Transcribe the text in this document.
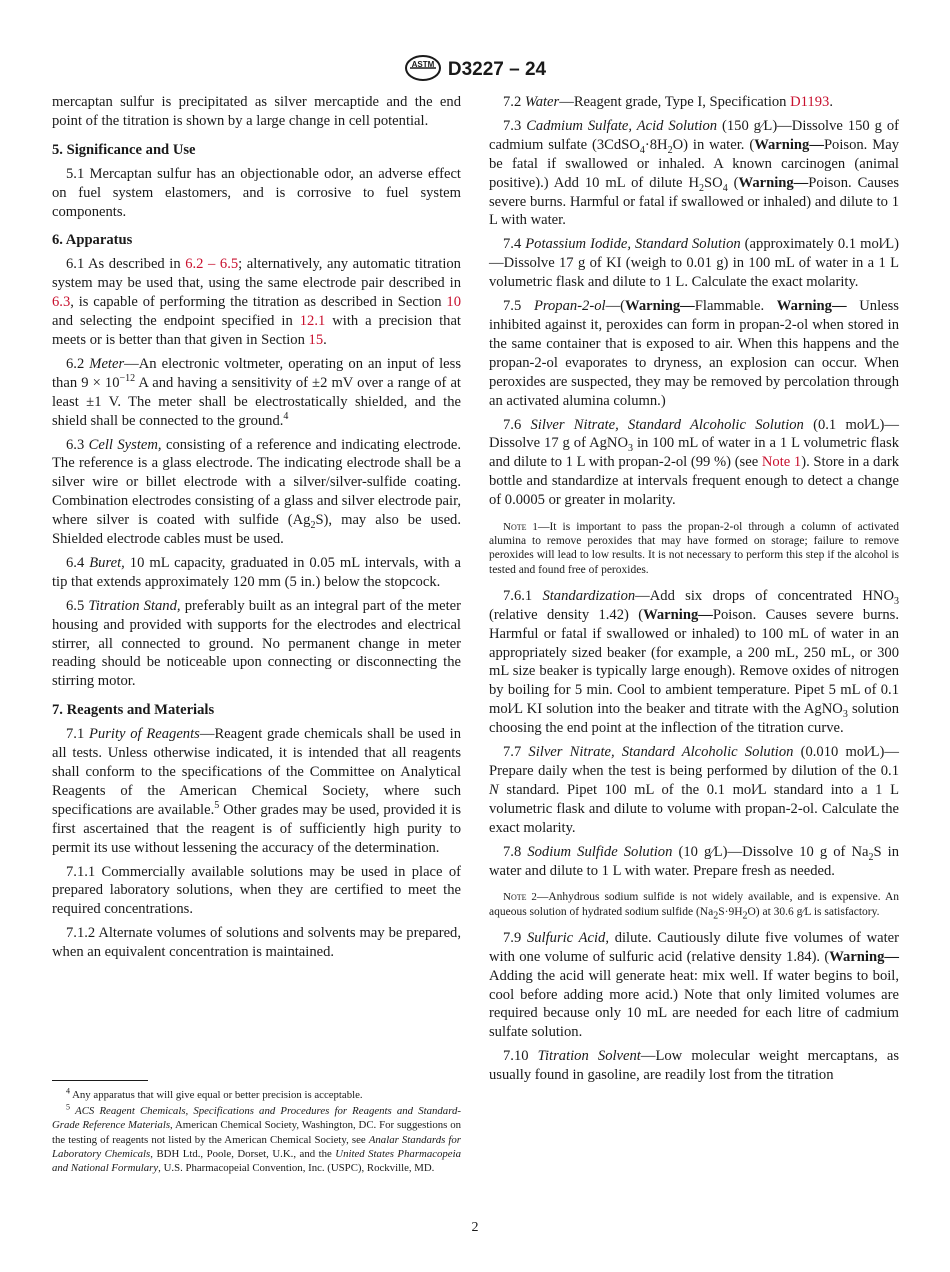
ASTM D3227 – 24

mercaptan sulfur is precipitated as silver mercaptide and the end point of the titration is shown by a large change in cell potential.

5. Significance and Use

5.1 Mercaptan sulfur has an objectionable odor, an adverse effect on fuel system elastomers, and is corrosive to fuel system components.

6. Apparatus

6.1 As described in 6.2 – 6.5; alternatively, any automatic titration system may be used that, using the same electrode pair described in 6.3, is capable of performing the titration as described in Section 10 and selecting the endpoint specified in 12.1 with a precision that meets or is better than that given in Section 15.

6.2 Meter—An electronic voltmeter, operating on an input of less than $9 \times 10^{-12}$ A and having a sensitivity of ±2 mV over a range of at least ±1 V. The meter shall be electrostatically shielded, and the shield shall be connected to the ground.$^4$

6.3 Cell System, consisting of a reference and indicating electrode. The reference is a glass electrode. The indicating electrode shall be a silver wire or billet electrode with a silver/silver-sulfide coating. Combination electrodes consisting of a glass and silver electrode pair, where silver is coated with sulfide $(Ag_2S)$, may also be used. Shielded electrode cables must be used.

6.4 Buret, 10 mL capacity, graduated in 0.05 mL intervals, with a tip that extends approximately 120 mm (5 in.) below the stopcock.

6.5 Titration Stand, preferably built as an integral part of the meter housing and provided with supports for the electrodes and electrical stirrer, all connected to ground. No permanent change in meter reading should be noticeable upon connecting or disconnecting the stirring motor.

7. Reagents and Materials

7.1 Purity of Reagents—Reagent grade chemicals shall be used in all tests. Unless otherwise indicated, it is intended that all reagents shall conform to the specifications of the Committee on Analytical Reagents of the American Chemical Society, where such specifications are available.$^5$ Other grades may be used, provided it is first ascertained that the reagent is of sufficiently high purity to permit its use without lessening the accuracy of the determination.

7.1.1 Commercially available solutions may be used in place of prepared laboratory solutions, when they are certified to meet the required concentrations.

7.1.2 Alternate volumes of solutions and solvents may be prepared, when an equivalent concentration is maintained.

$^4$ Any apparatus that will give equal or better precision is acceptable.

$^5$ ACS Reagent Chemicals, Specifications and Procedures for Reagents and Standard-Grade Reference Materials, American Chemical Society, Washington, DC. For suggestions on the testing of reagents not listed by the American Chemical Society, see Analar Standards for Laboratory Chemicals, BDH Ltd., Poole, Dorset, U.K., and the United States Pharmacopeia and National Formulary, U.S. Pharmacopeial Convention, Inc. (USPC), Rockville, MD.

7.2 Water—Reagent grade, Type I, Specification D1193.

7.3 Cadmium Sulfate, Acid Solution (150 g⁄L)—Dissolve 150 g of cadmium sulfate $(3CdSO_4\cdot 8H_2O)$ in water. (Warning—Poison. May be fatal if swallowed or inhaled. A known carcinogen (animal positive).) Add 10 mL of dilute $H_2SO_4$ (Warning—Poison. Causes severe burns. Harmful or fatal if swallowed or inhaled) and dilute to 1 L with water.

7.4 Potassium Iodide, Standard Solution (approximately 0.1 mol⁄L)—Dissolve 17 g of KI (weigh to 0.01 g) in 100 mL of water in a 1 L volumetric flask and dilute to 1 L. Calculate the exact molarity.

7.5 Propan-2-ol—(Warning—Flammable. Warning— Unless inhibited against it, peroxides can form in propan-2-ol when stored in the same container that is exposed to air. When this happens and the propan-2-ol evaporates to dryness, an explosion can occur. When peroxides are suspected, they may be removed by percolation through an activated alumina column.)

7.6 Silver Nitrate, Standard Alcoholic Solution (0.1 mol⁄L)—Dissolve 17 g of AgNO$_3$ in 100 mL of water in a 1 L volumetric flask and dilute to 1 L with propan-2-ol (99 %) (see Note 1). Store in a dark bottle and standardize at intervals frequent enough to detect a change of 0.0005 or greater in molarity.

Note 1—It is important to pass the propan-2-ol through a column of activated alumina to remove peroxides that may have formed on storage; failure to remove peroxides will lead to low results. It is not necessary to perform this step if the alcohol is tested and found free of peroxides.

7.6.1 Standardization—Add six drops of concentrated $HNO_3$ (relative density 1.42) (Warning—Poison. Causes severe burns. Harmful or fatal if swallowed or inhaled) to 100 mL of water in an appropriately sized beaker (for example, a 200 mL, 250 mL, or 300 mL size beaker is typically large enough). Remove oxides of nitrogen by boiling for 5 min. Cool to ambient temperature. Pipet 5 mL of 0.1 mol⁄L KI solution into the beaker and titrate with the AgNO$_3$ solution choosing the end point at the inflection of the titration curve.

7.7 Silver Nitrate, Standard Alcoholic Solution (0.010 mol⁄L)—Prepare daily when the test is being performed by dilution of the 0.1 N standard. Pipet 100 mL of the 0.1 mol⁄L standard into a 1 L volumetric flask and dilute to volume with propan-2-ol. Calculate the exact molarity.

7.8 Sodium Sulfide Solution (10 g⁄L)—Dissolve 10 g of $Na_2S$ in water and dilute to 1 L with water. Prepare fresh as needed.

Note 2—Anhydrous sodium sulfide is not widely available, and is expensive. An aqueous solution of hydrated sodium sulfide $(Na_2S\cdot 9H_2O)$ at 30.6 g⁄L is satisfactory.

7.9 Sulfuric Acid, dilute. Cautiously dilute five volumes of water with one volume of sulfuric acid (relative density 1.84). (Warning—Adding the acid will generate heat: mix well. If water begins to boil, cool before adding more acid.) Note that only limited volumes are required because only 10 mL are needed for each litre of cadmium sulfate solution.

7.10 Titration Solvent—Low molecular weight mercaptans, as usually found in gasoline, are readily lost from the titration

2
